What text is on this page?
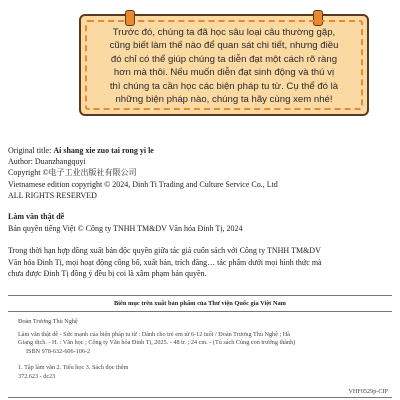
Trước đó, chúng ta đã học sâu loại câu thường gặp,
cũng biết làm thế nào để quan sát chi tiết, nhưng điều
đó chỉ có thể giúp chúng ta diễn đạt một cách rõ ràng
hơn mà thôi. Nếu muốn diễn đạt sinh động và thú vị
thì chúng ta cần học các biện pháp tu từ. Cụ thể đó là
những biện pháp nào, chúng ta hãy cùng xem nhé!
Original title: Ai shang xie zuo tai rong yi le
Author: Duanzhangquyi
Copyright ©电子工业出版社有限公司
Vietnamese edition copyright © 2024, Dinh Ti Trading and Culture Service Co., Ltd
ALL RIGHTS RESERVED
Làm văn thật dễ
Bản quyền tiếng Việt © Công ty TNHH TM&DV Văn hóa Đinh Tị, 2024
Trong thời hạn hợp đồng xuất bản độc quyền giữa tác giả cuốn sách với Công ty TNHH TM&DV
Văn hóa Đinh Tị, mọi hoạt động công bố, xuất bản, trích đăng… tác phẩm dưới mọi hình thức mà
chưa được Đinh Tị đồng ý đều bị coi là xâm phạm bản quyền.
Biên mục trên xuất bản phẩm của Thư viện Quốc gia Việt Nam
Đoàn Trương Thù Nghệ
Làm văn thật dễ - Sức mạnh của biện pháp tu từ : Dành cho trẻ em từ 6-12 tuổi / Đoàn Trương Thù Nghệ ; Hà
Giang dịch. - H. : Văn học ; Công ty Văn hóa Đinh Tị, 2025. - 48 tr. ; 24 cm. - (Tủ sách Cùng con trưởng thành)
ISBN 978-632-606-106-2
1. Tập làm văn 2. Tiểu học 3. Sách đọc thêm
372.623 - dc23
VHF0529p-CIP
